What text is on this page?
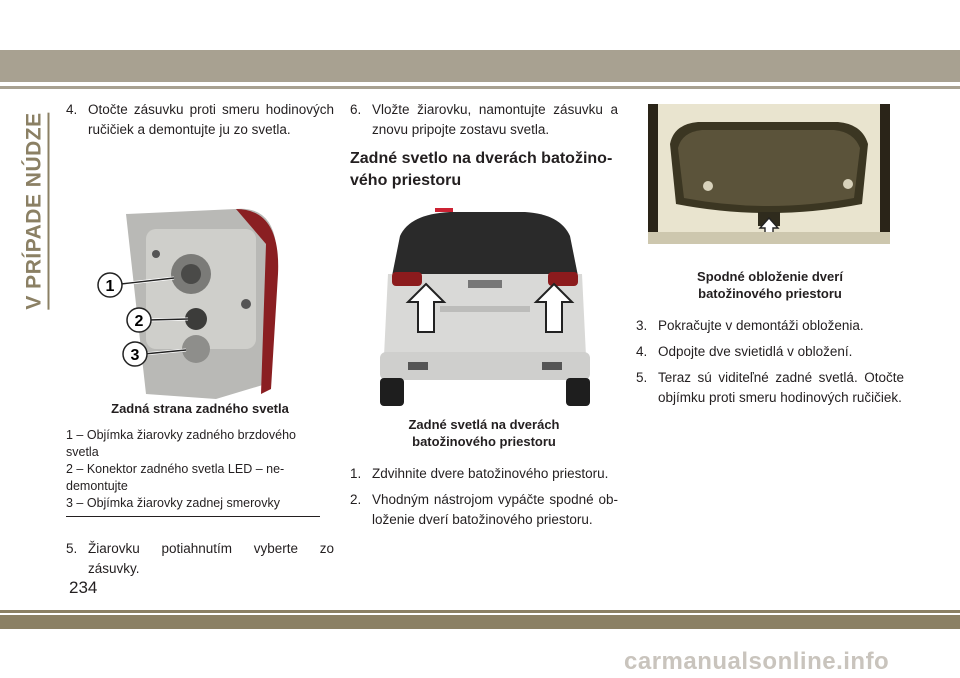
V PRÍPADE NÚDZE

4. Otočte zásuvku proti smeru hodinových ručičiek a demontujte ju zo svetla.

1
2
3
Zadná strana zadného svetla
1 – Objímka žiarovky zadného brzdového svetla
2 – Konektor zadného svetla LED – nedemontujte
3 – Objímka žiarovky zadnej smerovky

5. Žiarovku potiahnutím vyberte zo zásuvky.

6. Vložte žiarovku, namontujte zásuvku a znovu pripojte zostavu svetla.

Zadné svetlo na dverách batožinového priestoru
Zadné svetlá na dverách batožinového priestoru

1. Zdvihnite dvere batožinového priestoru.

2. Vhodným nástrojom vypáčte spodné obloženie dverí batožinového priestoru.

Spodné obloženie dverí batožinového priestoru

3. Pokračujte v demontáži obloženia.

4. Odpojte dve svietidlá v obložení.

5. Teraz sú viditeľné zadné svetlá. Otočte objímku proti smeru hodinových ručičiek.

234
carmanualsonline.info
